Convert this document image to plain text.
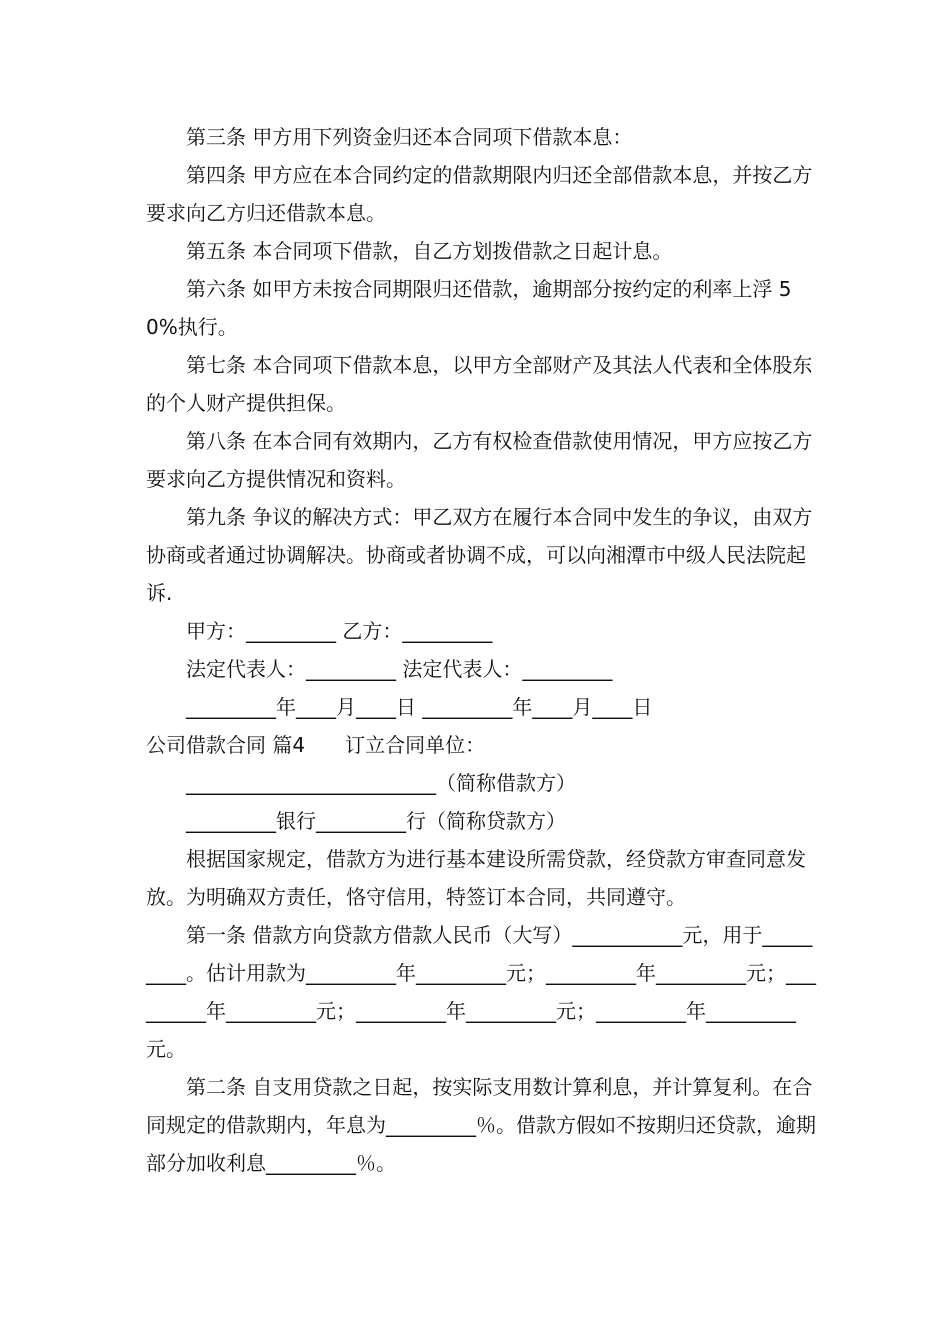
第三条 甲方用下列资金归还本合同项下借款本息：

第四条 甲方应在本合同约定的借款期限内归还全部借款本息，并按乙方要求向乙方归还借款本息。

第五条 本合同项下借款，自乙方划拨借款之日起计息。

第六条 如甲方未按合同期限归还借款，逾期部分按约定的利率上浮 50%执行。

第七条 本合同项下借款本息，以甲方全部财产及其法人代表和全体股东的个人财产提供担保。

第八条 在本合同有效期内，乙方有权检查借款使用情况，甲方应按乙方要求向乙方提供情况和资料。

第九条 争议的解决方式：甲乙双方在履行本合同中发生的争议，由双方协商或者通过协调解决。协商或者协调不成，可以向湘潭市中级人民法院起诉.

甲方：_________ 乙方：_________

法定代表人：_________ 法定代表人：_________

_________年____月____日 _________年____月____日

公司借款合同 篇4　　订立合同单位：

_________________________（简称借款方）

_________银行_________行（简称贷款方）

根据国家规定，借款方为进行基本建设所需贷款，经贷款方审查同意发放。为明确双方责任，恪守信用，特签订本合同，共同遵守。

第一条 借款方向贷款方借款人民币（大写）___________元，用于_________。估计用款为_________年_________元；_________年_________元；_________年_________元；_________年_________元；_________年_________元。

第二条 自支用贷款之日起，按实际支用数计算利息，并计算复利。在合同规定的借款期内，年息为_________％。借款方假如不按期归还贷款，逾期部分加收利息_________％。
